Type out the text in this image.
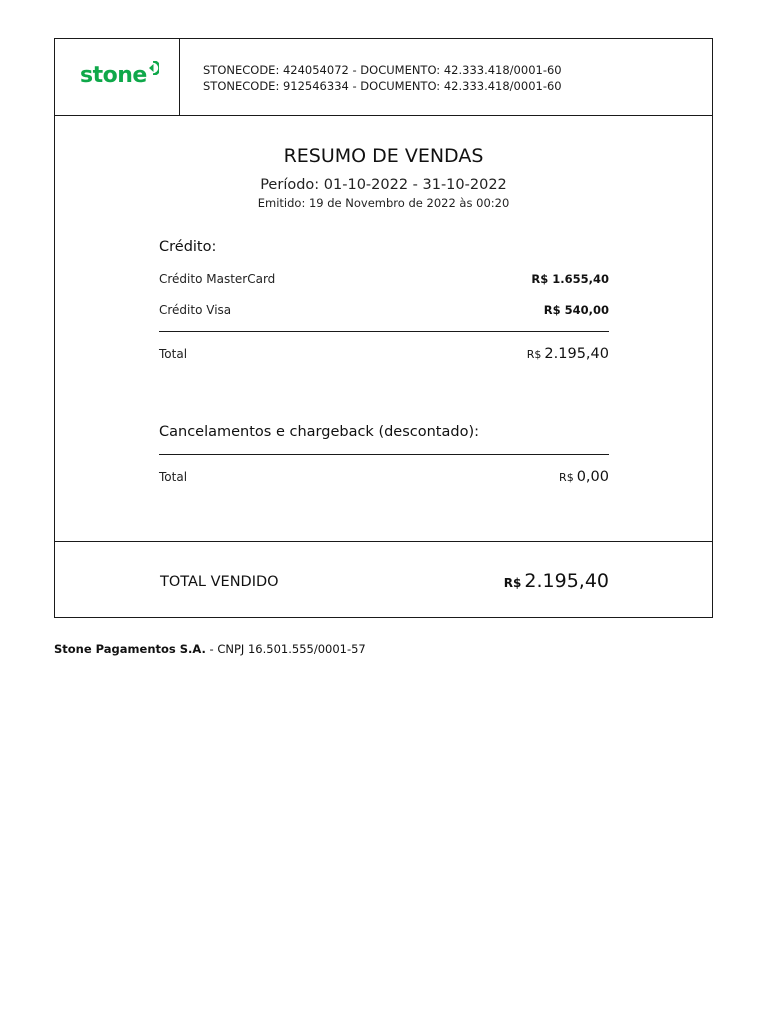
stone	STONECODE: 424054072 - DOCUMENTO: 42.333.418/0001-60
STONECODE: 912546334 - DOCUMENTO: 42.333.418/0001-60
RESUMO DE VENDAS
Período: 01-10-2022 - 31-10-2022
Emitido: 19 de Novembro de 2022 às 00:20
Crédito:
Crédito MasterCard	R$ 1.655,40
Crédito Visa	R$ 540,00
Total	R$ 2.195,40
Cancelamentos e chargeback (descontado):
Total	R$ 0,00
TOTAL VENDIDO	R$ 2.195,40
Stone Pagamentos S.A. - CNPJ 16.501.555/0001-57
